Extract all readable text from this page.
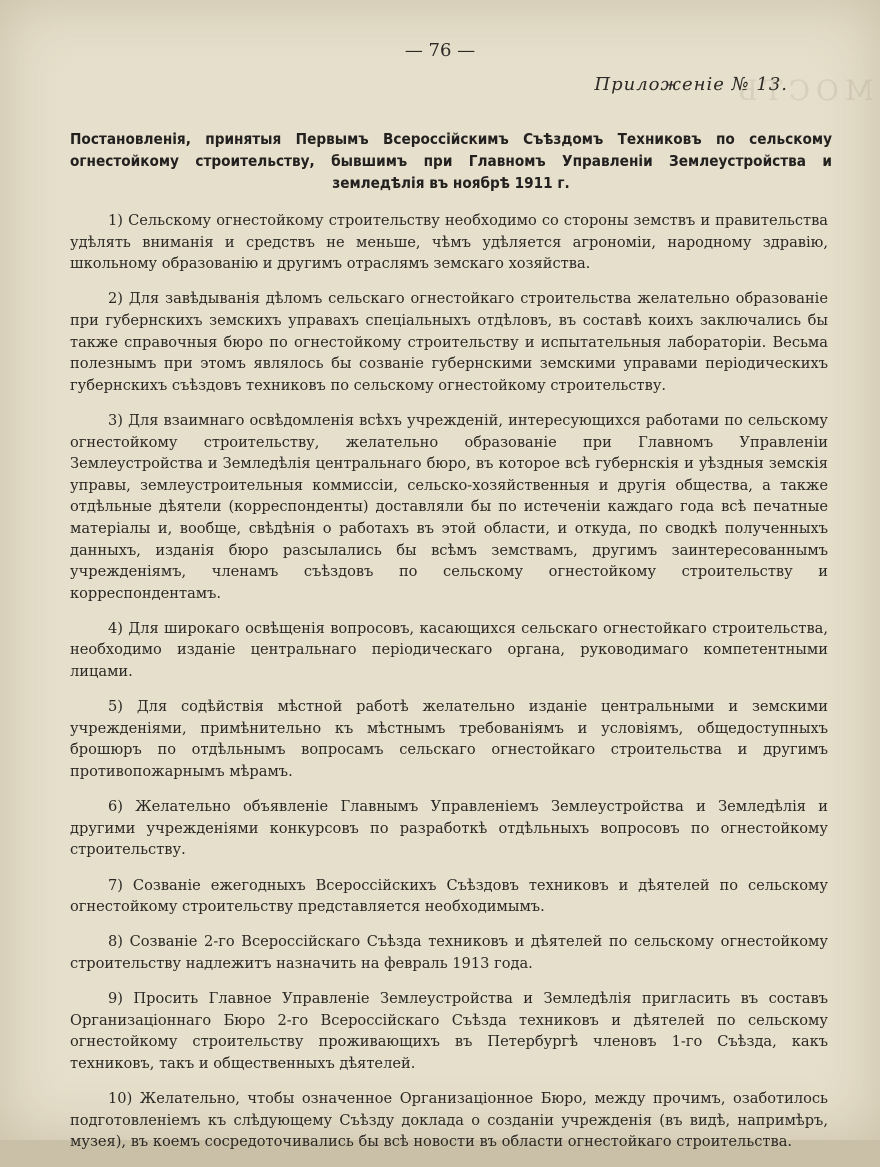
МОСТЬ
— 76 —
Приложеніе № 13.
Постановленія, принятыя Первымъ Всероссійскимъ Съѣздомъ Техниковъ по сельскому огнестойкому строительству, бывшимъ при Главномъ Управленіи Землеустройства и земледѣлія въ ноябрѣ 1911 г.

1) Сельскому огнестойкому строительству необходимо со стороны земствъ и правительства удѣлять вниманія и средствъ не меньше, чѣмъ удѣляется агрономіи, народному здравію, школьному образованію и другимъ отраслямъ земскаго хозяйства.

2) Для завѣдыванія дѣломъ сельскаго огнестойкаго строительства желательно образованіе при губернскихъ земскихъ управахъ спеціальныхъ отдѣловъ, въ составѣ коихъ заключались бы также справочныя бюро по огнестойкому строительству и испытательныя лабораторіи. Весьма полезнымъ при этомъ являлось бы созваніе губернскими земскими управами періодическихъ губернскихъ съѣздовъ техниковъ по сельскому огнестойкому строительству.

3) Для взаимнаго освѣдомленія всѣхъ учрежденій, интересующихся работами по сельскому огнестойкому строительству, желательно образованіе при Главномъ Управленіи Землеустройства и Земледѣлія центральнаго бюро, въ которое всѣ губернскія и уѣздныя земскія управы, землеустроительныя коммиссіи, сельско-хозяйственныя и другія общества, а также отдѣльные дѣятели (корреспонденты) доставляли бы по истеченіи каждаго года всѣ печатные матеріалы и, вообще, свѣдѣнія о работахъ въ этой области, и откуда, по сводкѣ полученныхъ данныхъ, изданія бюро разсылались бы всѣмъ земствамъ, другимъ заинтересованнымъ учрежденіямъ, членамъ съѣздовъ по сельскому огнестойкому строительству и корреспондентамъ.

4) Для широкаго освѣщенія вопросовъ, касающихся сельскаго огнестойкаго строительства, необходимо изданіе центральнаго періодическаго органа, руководимаго компетентными лицами.

5) Для содѣйствія мѣстной работѣ желательно изданіе центральными и земскими учрежденіями, примѣнительно къ мѣстнымъ требованіямъ и условіямъ, общедоступныхъ брошюръ по отдѣльнымъ вопросамъ сельскаго огнестойкаго строительства и другимъ противопожарнымъ мѣрамъ.

6) Желательно объявленіе Главнымъ Управленіемъ Землеустройства и Земледѣлія и другими учрежденіями конкурсовъ по разработкѣ отдѣльныхъ вопросовъ по огнестойкому строительству.

7) Созваніе ежегодныхъ Всероссійскихъ Съѣздовъ техниковъ и дѣятелей по сельскому огнестойкому строительству представляется необходимымъ.

8) Созваніе 2-го Всероссійскаго Съѣзда техниковъ и дѣятелей по сельскому огнестойкому строительству надлежитъ назначить на февраль 1913 года.

9) Просить Главное Управленіе Землеустройства и Земледѣлія пригласить въ составъ Организаціоннаго Бюро 2-го Всероссійскаго Съѣзда техниковъ и дѣятелей по сельскому огнестойкому строительству проживающихъ въ Петербургѣ членовъ 1-го Съѣзда, какъ техниковъ, такъ и общественныхъ дѣятелей.

10) Желательно, чтобы означенное Организаціонное Бюро, между прочимъ, озаботилось подготовленіемъ къ слѣдующему Съѣзду доклада о созданіи учрежденія (въ видѣ, напримѣръ, музея), въ коемъ сосредоточивались бы всѣ новости въ области огнестойкаго строительства.
